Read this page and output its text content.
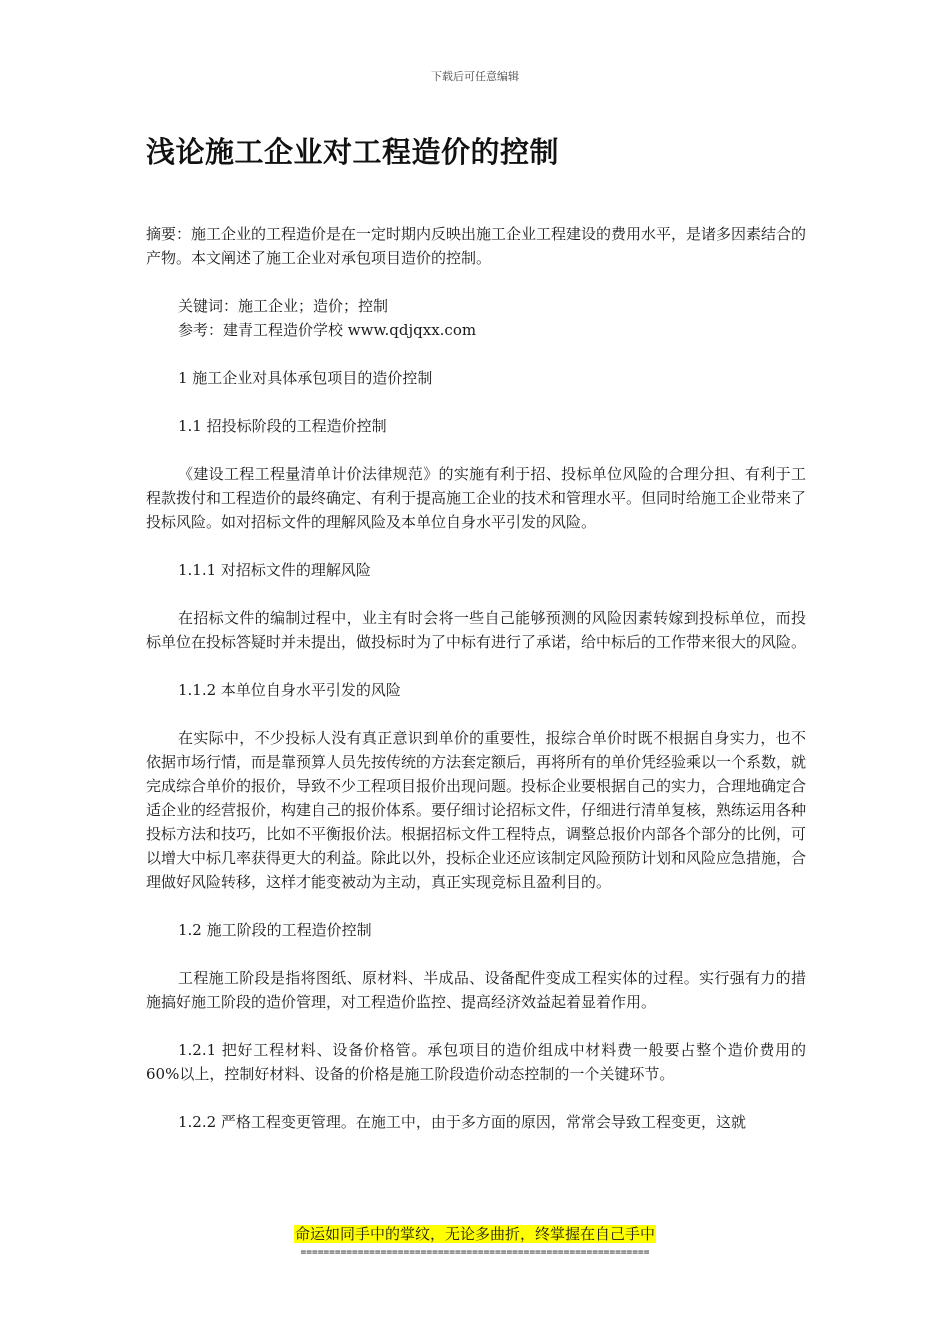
下载后可任意编辑
浅论施工企业对工程造价的控制

摘要：施工企业的工程造价是在一定时期内反映出施工企业工程建设的费用水平，是诸多因素结合的产物。本文阐述了施工企业对承包项目造价的控制。

关键词：施工企业；造价；控制

参考：建青工程造价学校 www.qdjqxx.com

1 施工企业对具体承包项目的造价控制

1.1 招投标阶段的工程造价控制

《建设工程工程量清单计价法律规范》的实施有利于招、投标单位风险的合理分担、有利于工程款拨付和工程造价的最终确定、有利于提高施工企业的技术和管理水平。但同时给施工企业带来了投标风险。如对招标文件的理解风险及本单位自身水平引发的风险。

1.1.1 对招标文件的理解风险

在招标文件的编制过程中，业主有时会将一些自己能够预测的风险因素转嫁到投标单位，而投标单位在投标答疑时并未提出，做投标时为了中标有进行了承诺，给中标后的工作带来很大的风险。

1.1.2 本单位自身水平引发的风险

在实际中，不少投标人没有真正意识到单价的重要性，报综合单价时既不根据自身实力，也不依据市场行情，而是靠预算人员先按传统的方法套定额后，再将所有的单价凭经验乘以一个系数，就完成综合单价的报价，导致不少工程项目报价出现问题。投标企业要根据自己的实力，合理地确定合适企业的经营报价，构建自己的报价体系。要仔细讨论招标文件，仔细进行清单复核，熟练运用各种投标方法和技巧，比如不平衡报价法。根据招标文件工程特点，调整总报价内部各个部分的比例，可以增大中标几率获得更大的利益。除此以外，投标企业还应该制定风险预防计划和风险应急措施，合理做好风险转移，这样才能变被动为主动，真正实现竞标且盈利目的。

1.2 施工阶段的工程造价控制

工程施工阶段是指将图纸、原材料、半成品、设备配件变成工程实体的过程。实行强有力的措施搞好施工阶段的造价管理，对工程造价监控、提高经济效益起着显着作用。

1.2.1 把好工程材料、设备价格管。承包项目的造价组成中材料费一般要占整个造价费用的 60%以上，控制好材料、设备的价格是施工阶段造价动态控制的一个关键环节。

1.2.2 严格工程变更管理。在施工中，由于多方面的原因，常常会导致工程变更，这就

命运如同手中的掌纹，无论多曲折，终掌握在自己手中
=============================================================
